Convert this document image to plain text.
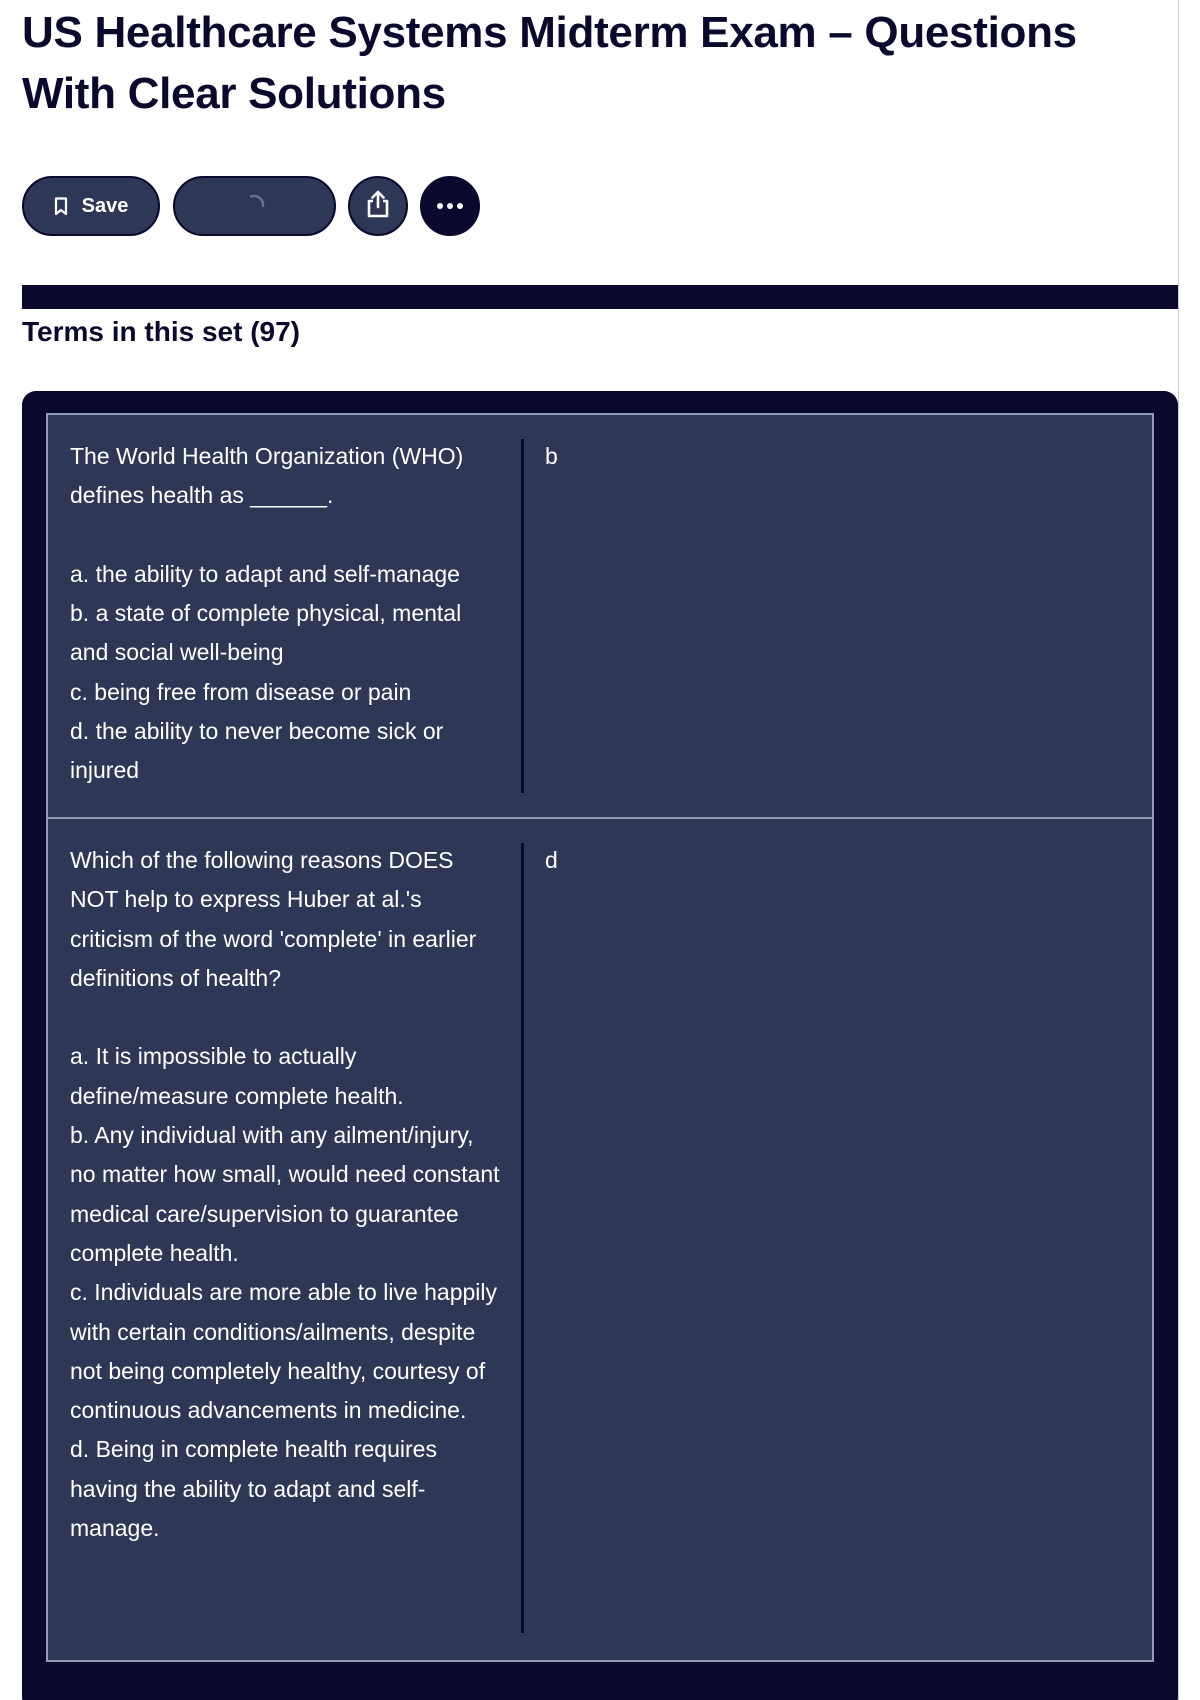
US Healthcare Systems Midterm Exam – Questions With Clear Solutions
Save
Terms in this set (97)
The World Health Organization (WHO) defines health as ______.

a. the ability to adapt and self-manage
b. a state of complete physical, mental and social well-being
c. being free from disease or pain
d. the ability to never become sick or injured
b
Which of the following reasons DOES NOT help to express Huber at al.'s criticism of the word 'complete' in earlier definitions of health?

a. It is impossible to actually define/measure complete health.
b. Any individual with any ailment/injury, no matter how small, would need constant medical care/supervision to guarantee complete health.
c. Individuals are more able to live happily with certain conditions/ailments, despite not being completely healthy, courtesy of continuous advancements in medicine.
d. Being in complete health requires having the ability to adapt and self-manage.
d
